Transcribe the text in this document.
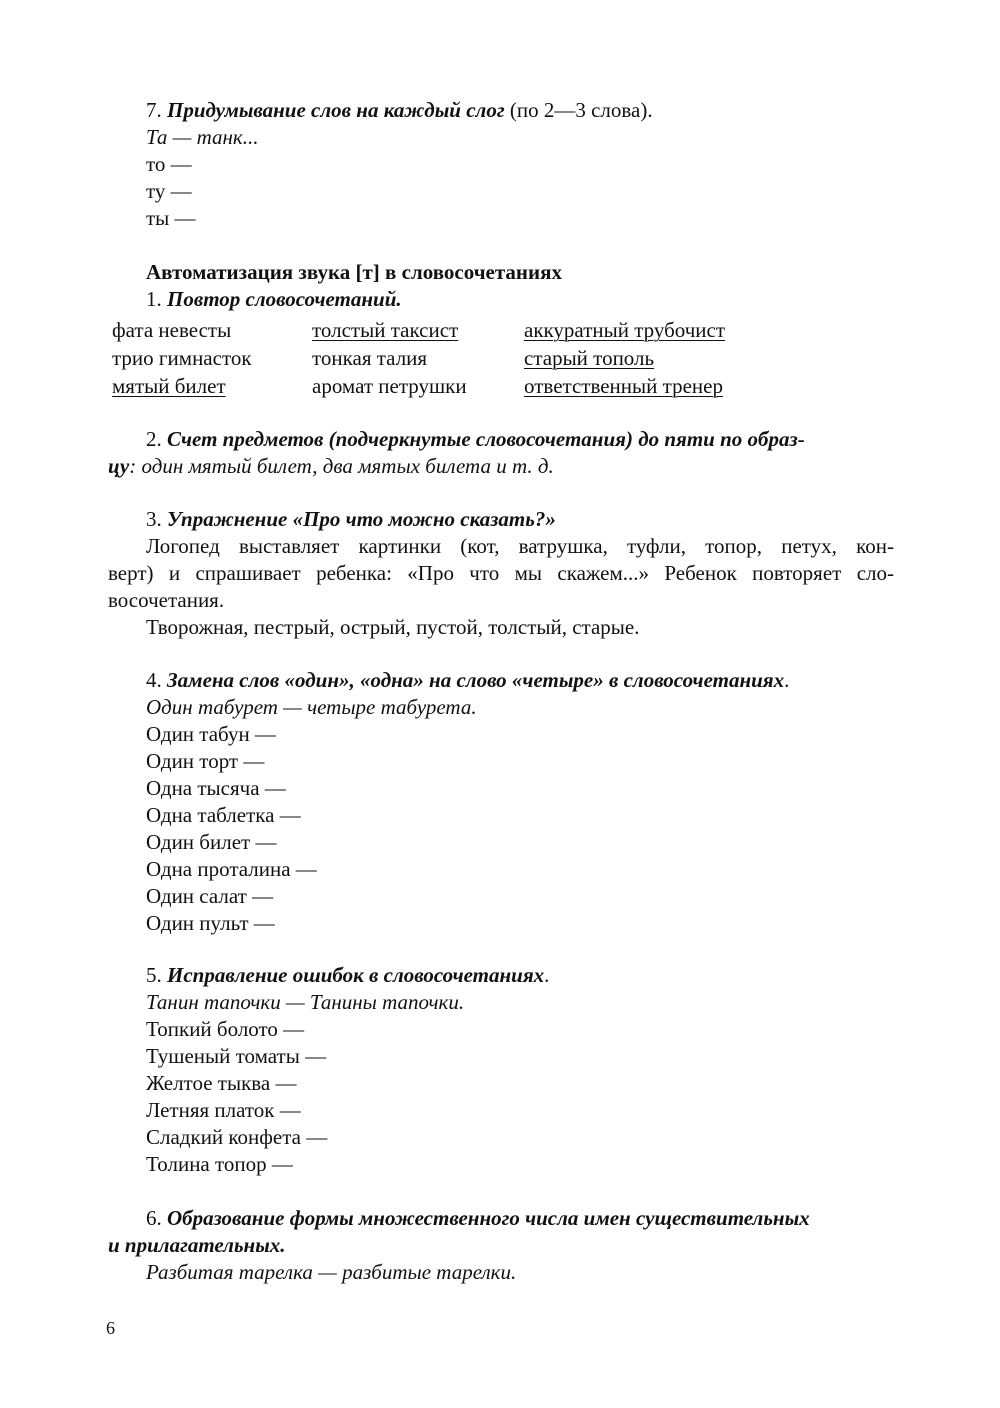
7. Придумывание слов на каждый слог (по 2—3 слова).
Та — танк...
то —
ту —
ты —
Автоматизация звука [т] в словосочетаниях
1. Повтор словосочетаний.
фата невесты	толстый таксист	аккуратный трубочист
трио гимнасток	тонкая талия	старый тополь
мятый билет	аромат петрушки	ответственный тренер
2. Счет предметов (подчеркнутые словосочетания) до пяти по образ-
цу: один мятый билет, два мятых билета и т. д.
3. Упражнение «Про что можно сказать?»
Логопед выставляет картинки (кот, ватрушка, туфли, топор, петух, кон-
верт) и спрашивает ребенка: «Про что мы скажем...» Ребенок повторяет сло-
восочетания.
Творожная, пестрый, острый, пустой, толстый, старые.
4. Замена слов «один», «одна» на слово «четыре» в словосочетаниях.
Один табурет — четыре табурета.
Один табун —
Один торт —
Одна тысяча —
Одна таблетка —
Один билет —
Одна проталина —
Один салат —
Один пульт —
5. Исправление ошибок в словосочетаниях.
Танин тапочки — Танины тапочки.
Топкий болото —
Тушеный томаты —
Желтое тыква —
Летняя платок —
Сладкий конфета —
Толина топор —
6. Образование формы множественного числа имен существительных
и прилагательных.
Разбитая тарелка — разбитые тарелки.
6
